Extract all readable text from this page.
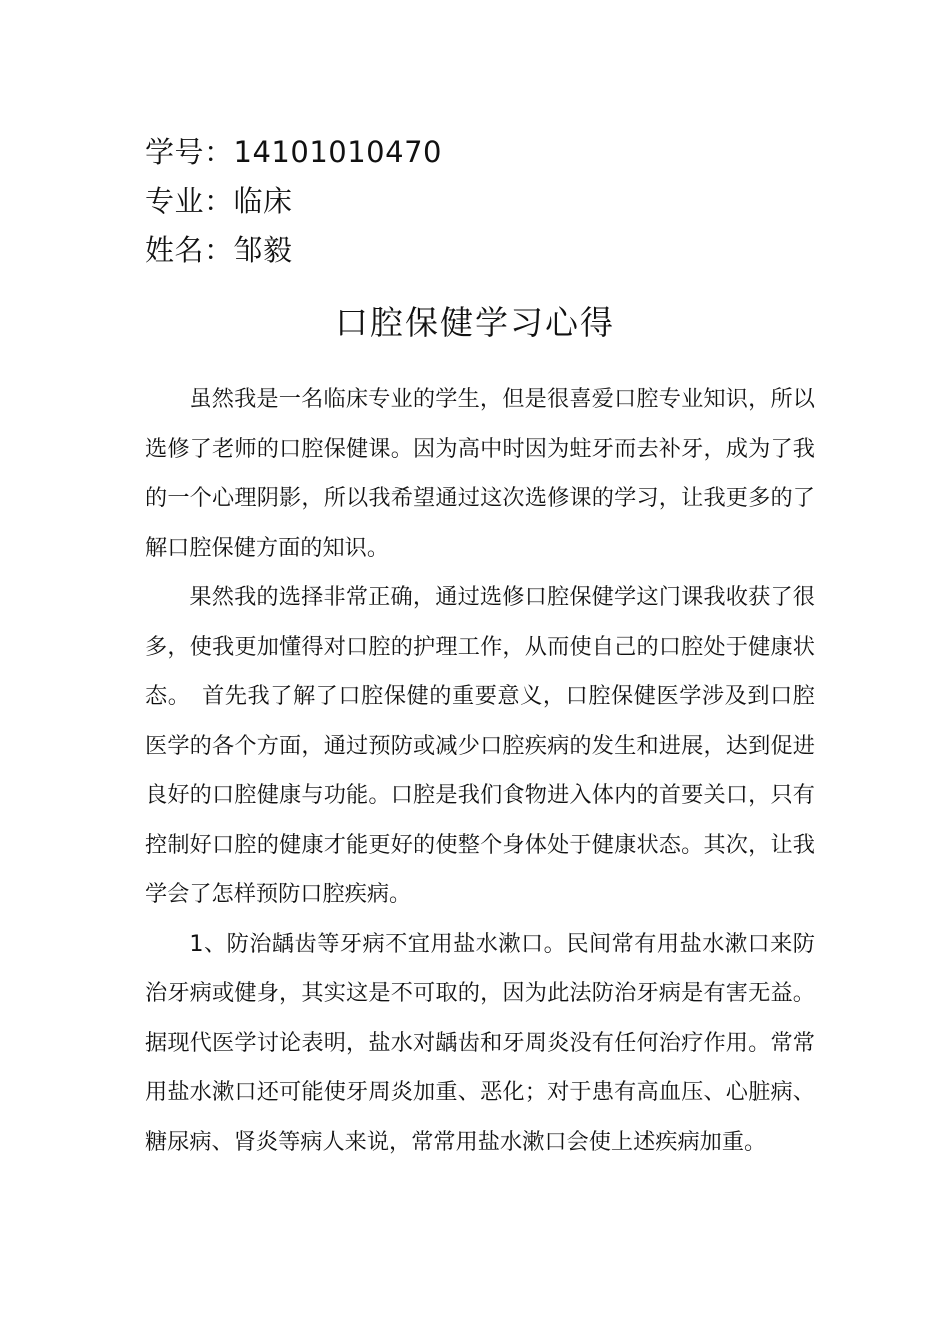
学号：14101010470
专业：临床
姓名：邹毅
口腔保健学习心得

虽然我是一名临床专业的学生，但是很喜爱口腔专业知识，所以选修了老师的口腔保健课。因为高中时因为蛀牙而去补牙，成为了我的一个心理阴影，所以我希望通过这次选修课的学习，让我更多的了解口腔保健方面的知识。

果然我的选择非常正确，通过选修口腔保健学这门课我收获了很多，使我更加懂得对口腔的护理工作，从而使自己的口腔处于健康状态。　首先我了解了口腔保健的重要意义，口腔保健医学涉及到口腔医学的各个方面，通过预防或减少口腔疾病的发生和进展，达到促进良好的口腔健康与功能。口腔是我们食物进入体内的首要关口，只有控制好口腔的健康才能更好的使整个身体处于健康状态。其次，让我学会了怎样预防口腔疾病。

1、防治龋齿等牙病不宜用盐水漱口。民间常有用盐水漱口来防治牙病或健身，其实这是不可取的，因为此法防治牙病是有害无益。据现代医学讨论表明，盐水对龋齿和牙周炎没有任何治疗作用。常常用盐水漱口还可能使牙周炎加重、恶化；对于患有高血压、心脏病、糖尿病、肾炎等病人来说，常常用盐水漱口会使上述疾病加重。
